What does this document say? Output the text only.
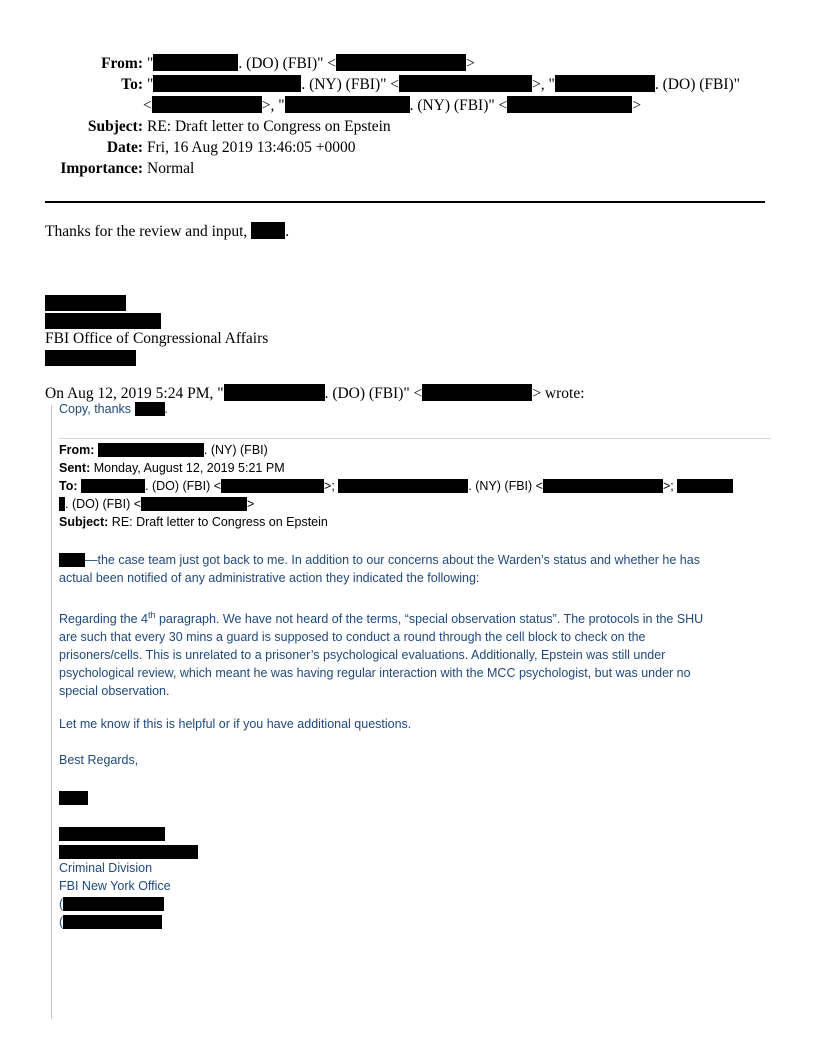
From: "	. (DO) (FBI)" <	>
To: "	. (NY) (FBI)" <	>, "	. (DO) (FBI)"
<	>, "	. (NY) (FBI)" <	>
Subject: RE: Draft letter to Congress on Epstein
Date: Fri, 16 Aug 2019 13:46:05 +0000
Importance: Normal
Thanks for the review and input, .
FBI Office of Congressional Affairs
On Aug 12, 2019 5:24 PM, "	. (DO) (FBI)" <	> wrote:
Copy, thanks	.
From:	. (NY) (FBI)
Sent: Monday, August 12, 2019 5:21 PM
To:	. (DO) (FBI) <	>;	. (NY) (FBI) <	>;
. (DO) (FBI) <	>
Subject: RE: Draft letter to Congress on Epstein
—the case team just got back to me. In addition to our concerns about the Warden’s status and whether he has
actual been notified of any administrative action they indicated the following:
Regarding the 4th paragraph. We have not heard of the terms, “special observation status”. The protocols in the SHU
are such that every 30 mins a guard is supposed to conduct a round through the cell block to check on the
prisoners/cells. This is unrelated to a prisoner’s psychological evaluations. Additionally, Epstein was still under
psychological review, which meant he was having regular interaction with the MCC psychologist, but was under no
special observation.
Let me know if this is helpful or if you have additional questions.
Best Regards,
Criminal Division
FBI New York Office
(
(
